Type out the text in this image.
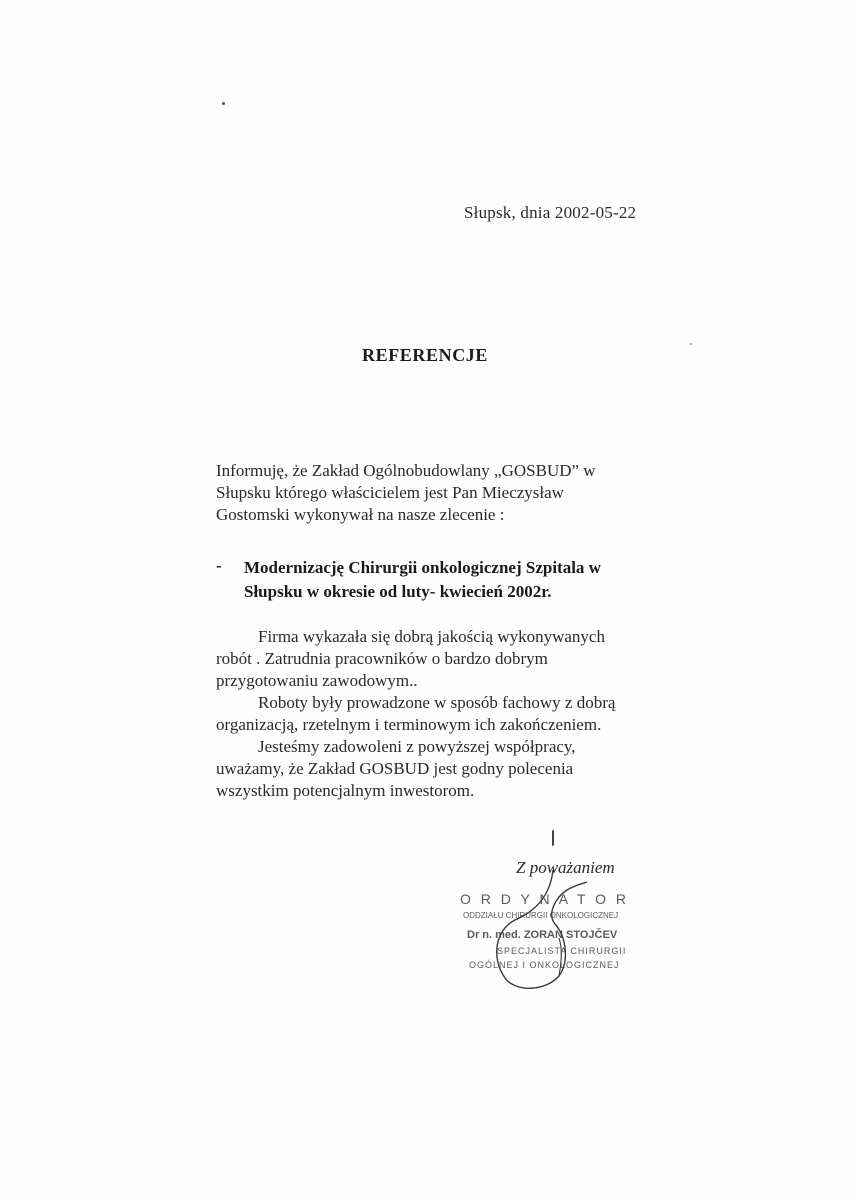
Słupsk, dnia 2002-05-22
REFERENCJE
Informuję, że Zakład Ogólnobudowlany „GOSBUD” w
Słupsku którego właścicielem jest Pan Mieczysław
Gostomski wykonywał na nasze zlecenie :
- Modernizację Chirurgii onkologicznej Szpitala w
Słupsku w okresie od luty- kwiecień 2002r.
Firma wykazała się dobrą jakością wykonywanych
robót . Zatrudnia pracowników o bardzo dobrym
przygotowaniu zawodowym..
Roboty były prowadzone w sposób fachowy z dobrą
organizacją, rzetelnym i terminowym ich zakończeniem.
Jesteśmy zadowoleni z powyższej współpracy,
uważamy, że Zakład GOSBUD jest godny polecenia
wszystkim potencjalnym inwestorom.
Z poważaniem
O R D Y N A T O R
ODDZIAŁU CHIRURGII ONKOLOGICZNEJ
Dr n. med. ZORAN STOJČEV
SPECJALISTA CHIRURGII
OGÓLNEJ I ONKOLOGICZNEJ
